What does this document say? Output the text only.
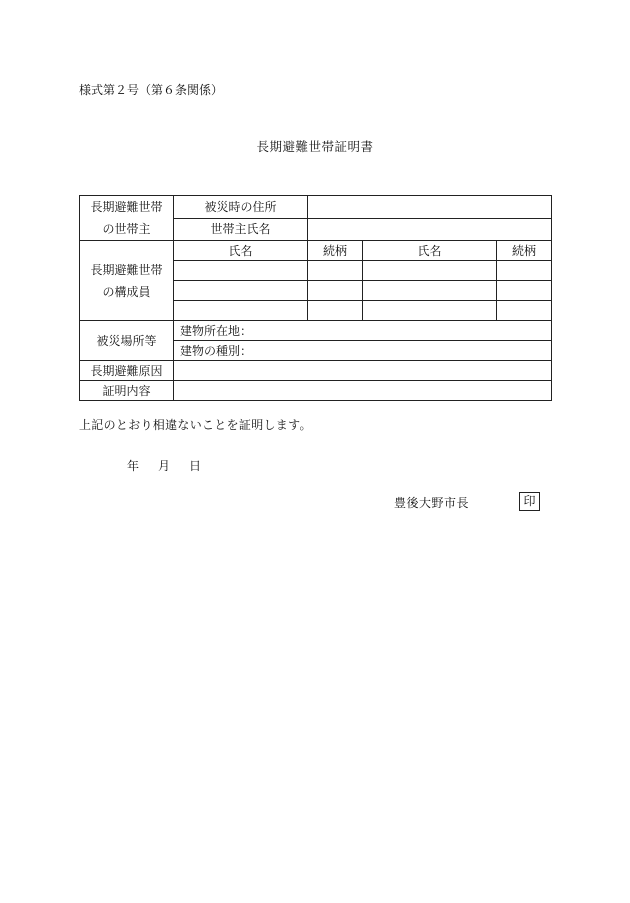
様式第２号（第６条関係）
長期避難世帯証明書
長期避難世帯
の世帯主	被災時の住所			
	世帯主氏名			

長期避難世帯
の構成員	氏名	続柄	氏名	続柄

被災場所等	建物所在地：			
	建物の種別：			
長期避難原因				
証明内容				
上記のとおり相違ないことを証明します。
年 月 日
豊後大野市長	印
